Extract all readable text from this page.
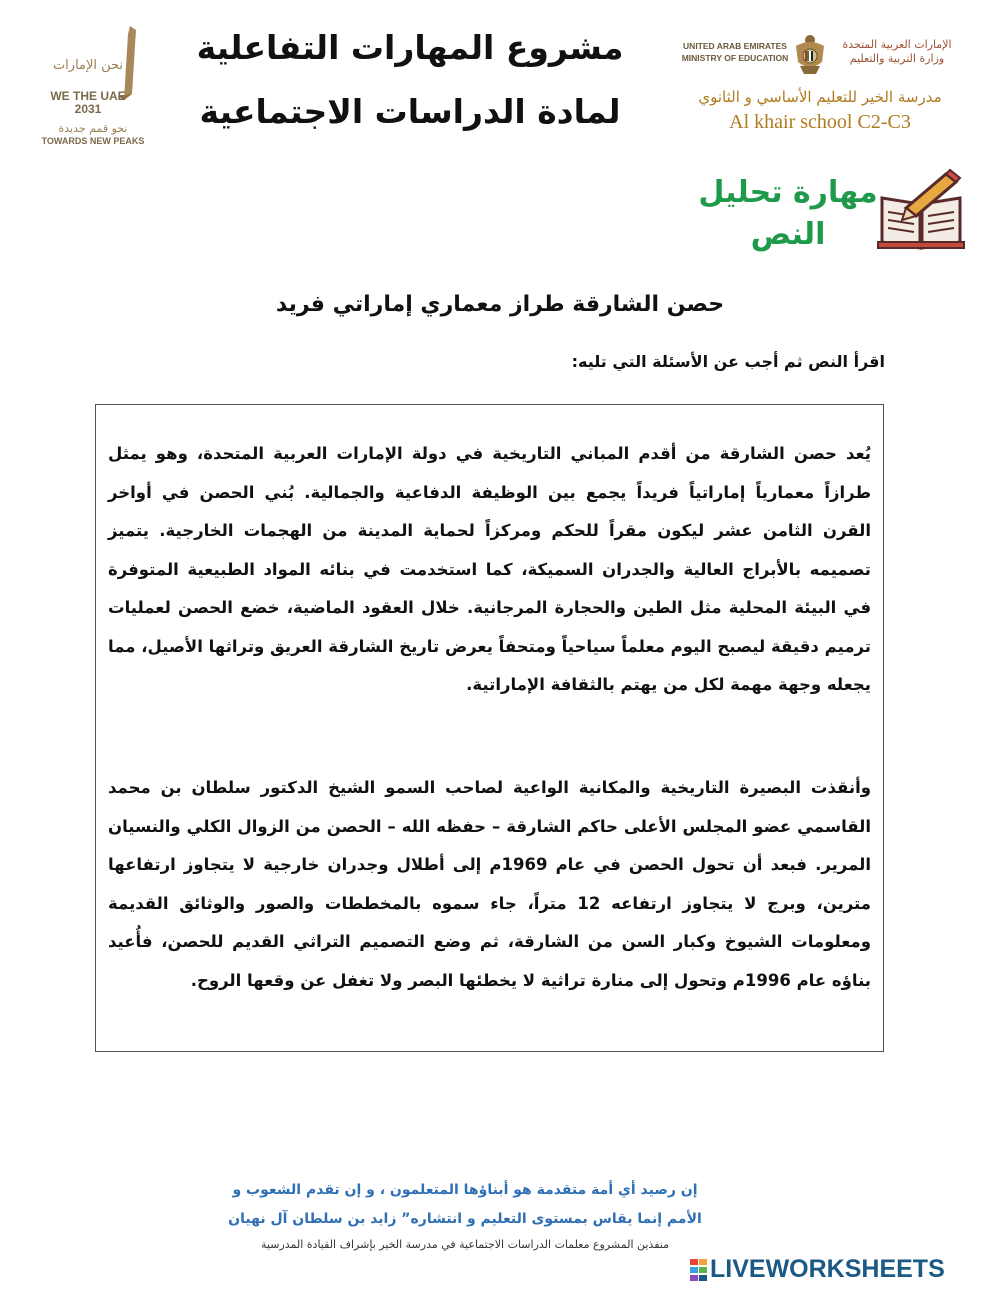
نحن الإمارات
WE THE UAE
2031
نحو قمم جديدة
TOWARDS NEW PEAKS
مشروع المهارات التفاعلية
لمادة الدراسات الاجتماعية
UNITED ARAB EMIRATES
MINISTRY OF EDUCATION
الإمارات العربية المتحدة
وزارة التربية والتعليم
مدرسة الخير للتعليم الأساسي و الثانوي
Al khair school C2-C3
مهارة تحليل
النص
حصن الشارقة طراز معماري إماراتي فريد
اقرأ النص ثم أجب عن الأسئلة التي تليه:
يُعد حصن الشارقة من أقدم المباني التاريخية في دولة الإمارات العربية المتحدة، وهو يمثل طرازاً معمارياً إماراتياً فريداً يجمع بين الوظيفة الدفاعية والجمالية. بُني الحصن في أواخر القرن الثامن عشر ليكون مقراً للحكم ومركزاً لحماية المدينة من الهجمات الخارجية. يتميز تصميمه بالأبراج العالية والجدران السميكة، كما استخدمت في بنائه المواد الطبيعية المتوفرة في البيئة المحلية مثل الطين والحجارة المرجانية. خلال العقود الماضية، خضع الحصن لعمليات ترميم دقيقة ليصبح اليوم معلماً سياحياً ومتحفاً يعرض تاريخ الشارقة العريق وتراثها الأصيل، مما يجعله وجهة مهمة لكل من يهتم بالثقافة الإماراتية.
وأنقذت البصيرة التاريخية والمكانية الواعية لصاحب السمو الشيخ الدكتور سلطان بن محمد القاسمي عضو المجلس الأعلى حاكم الشارقة – حفظه الله – الحصن من الزوال الكلي والنسيان المرير. فبعد أن تحول الحصن في عام 1969م إلى أطلال وجدران خارجية لا يتجاوز ارتفاعها مترين، وبرج لا يتجاوز ارتفاعه 12 متراً، جاء سموه بالمخططات والصور والوثائق القديمة ومعلومات الشيوخ وكبار السن من الشارقة، ثم وضع التصميم التراثي القديم للحصن، فأُعيد بناؤه عام 1996م وتحول إلى منارة تراثية لا يخطئها البصر ولا تغفل عن وقعها الروح.
إن رصيد أي أمة متقدمة هو أبناؤها المتعلمون ، و إن تقدم الشعوب و
الأمم إنما يقاس بمستوى التعليم و انتشاره” زايد بن سلطان آل نهيان
منفذين المشروع معلمات الدراسات الاجتماعية في مدرسة الخير بإشراف القيادة المدرسية
LIVEWORKSHEETS
